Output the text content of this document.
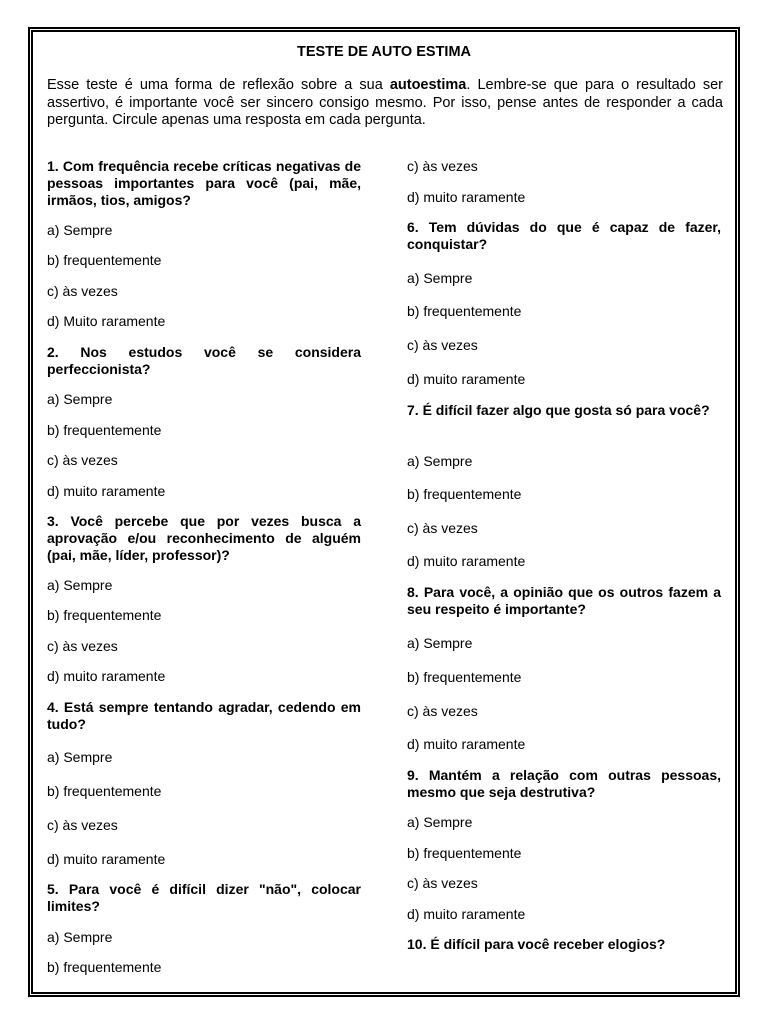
TESTE DE AUTO ESTIMA
Esse teste é uma forma de reflexão sobre a sua autoestima. Lembre-se que para o resultado ser assertivo, é importante você ser sincero consigo mesmo. Por isso, pense antes de responder a cada pergunta. Circule apenas uma resposta em cada pergunta.
1. Com frequência recebe críticas negativas de pessoas importantes para você (pai, mãe, irmãos, tios, amigos?
a) Sempre
b) frequentemente
c) às vezes
d) Muito raramente
2. Nos estudos você se considera perfeccionista?
a) Sempre
b) frequentemente
c) às vezes
d) muito raramente
3. Você percebe que por vezes busca a aprovação e/ou reconhecimento de alguém (pai, mãe, líder, professor)?
a) Sempre
b) frequentemente
c) às vezes
d) muito raramente
4. Está sempre tentando agradar, cedendo em tudo?
a) Sempre
b) frequentemente
c) às vezes
d) muito raramente
5. Para você é difícil dizer "não", colocar limites?
a) Sempre
b) frequentemente
c) às vezes
d) muito raramente
6. Tem dúvidas do que é capaz de fazer, conquistar?
a) Sempre
b) frequentemente
c) às vezes
d) muito raramente
7. É difícil fazer algo que gosta só para você?
a) Sempre
b) frequentemente
c) às vezes
d) muito raramente
8. Para você, a opinião que os outros fazem a seu respeito é importante?
a) Sempre
b) frequentemente
c) às vezes
d) muito raramente
9. Mantém a relação com outras pessoas, mesmo que seja destrutiva?
a) Sempre
b) frequentemente
c) às vezes
d) muito raramente
10. É difícil para você receber elogios?
